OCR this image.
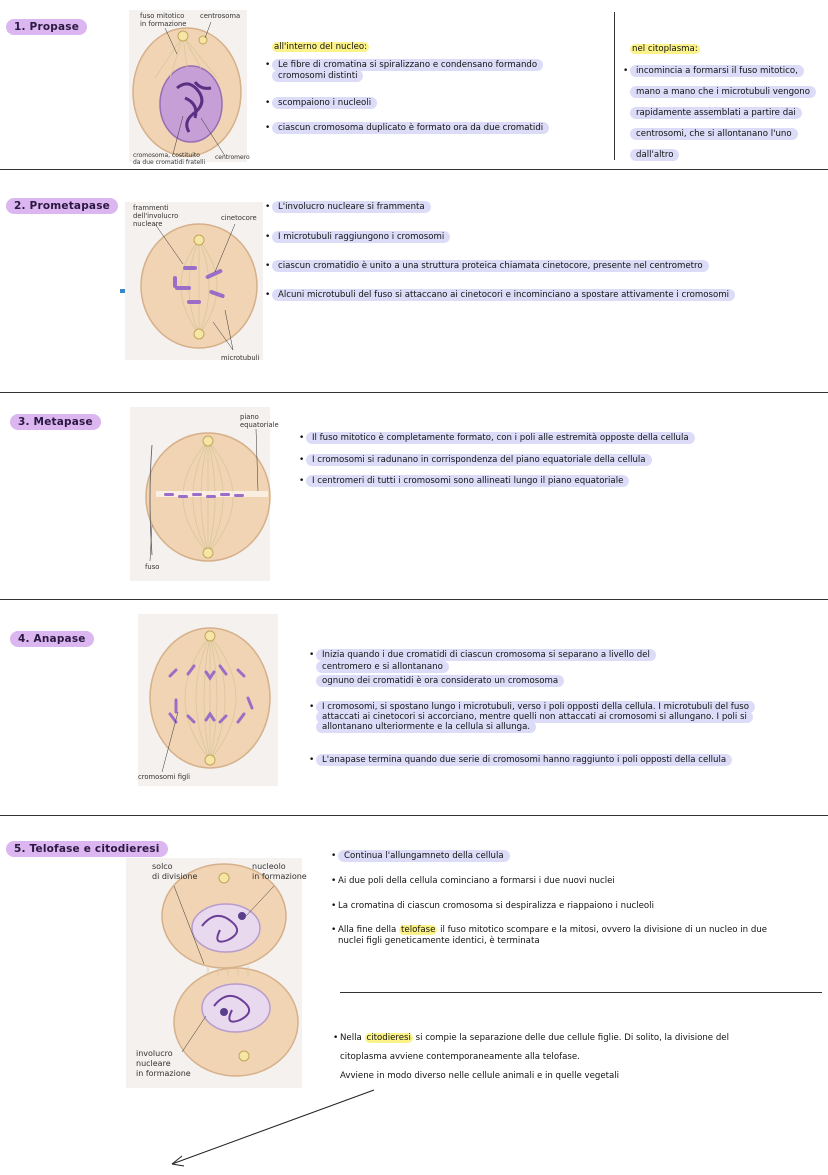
1. Propase
fuso mitotico
in formazione
centrosoma
cromosoma, costituito
da due cromatidi fratelli
centromero
all'interno del nucleo:
• Le fibre di cromatina si spiralizzano e condensano formando cromosomi distinti
• scompaiono i nucleoli
• ciascun cromosoma duplicato è formato ora da due cromatidi
nel citoplasma:
• incomincia a formarsi il fuso mitotico,
mano a mano che i microtubuli vengono
rapidamente assemblati a partire dai
centrosomi, che si allontanano l'uno
dall'altro
2. Prometapase	frammenti
dell'involucro
nucleare
cinetocore
microtubuli
• L'involucro nucleare si frammenta
• I microtubuli raggiungono i cromosomi
• ciascun cromatidio è unito a una struttura proteica chiamata cinetocore, presente nel centrometro
• Alcuni microtubuli del fuso si attaccano ai cinetocori e incominciano a spostare attivamente i cromosomi
3. Metapase	piano
equatoriale
fuso
• Il fuso mitotico è completamente formato, con i poli alle estremità opposte della cellula
• I cromosomi si radunano in corrispondenza del piano equatoriale della cellula
• I centromeri di tutti i cromosomi sono allineati lungo il piano equatoriale
4. Anapase
cromosomi figli
• Inizia quando i due cromatidi di ciascun cromosoma si separano a livello del
centromero e si allontanano
ognuno dei cromatidi è ora considerato un cromosoma
• I cromosomi, si spostano lungo i microtubuli, verso i poli opposti della cellula. I microtubuli del fuso attaccati ai cinetocori si accorciano, mentre quelli non attaccati ai cromosomi si allungano. I poli si allontanano ulteriormente e la cellula si allunga.
• L'anapase termina quando due serie di cromosomi hanno raggiunto i poli opposti della cellula
5. Telofase e citodieresi
solco
di divisione
nucleolo
in formazione
involucro
nucleare
in formazione
• Continua l'allungamneto della cellula
• Ai due poli della cellula cominciano a formarsi i due nuovi nuclei
• La cromatina di ciascun cromosoma si despiralizza e riappaiono i nucleoli
• Alla fine della telofase il fuso mitotico scompare e la mitosi, ovvero la divisione di un nucleo in due nuclei figli geneticamente identici, è terminata
• Nella citodieresi si compie la separazione delle due cellule figlie. Di solito, la divisione del
citoplasma avviene contemporaneamente alla telofase.
Avviene in modo diverso nelle cellule animali e in quelle vegetali
